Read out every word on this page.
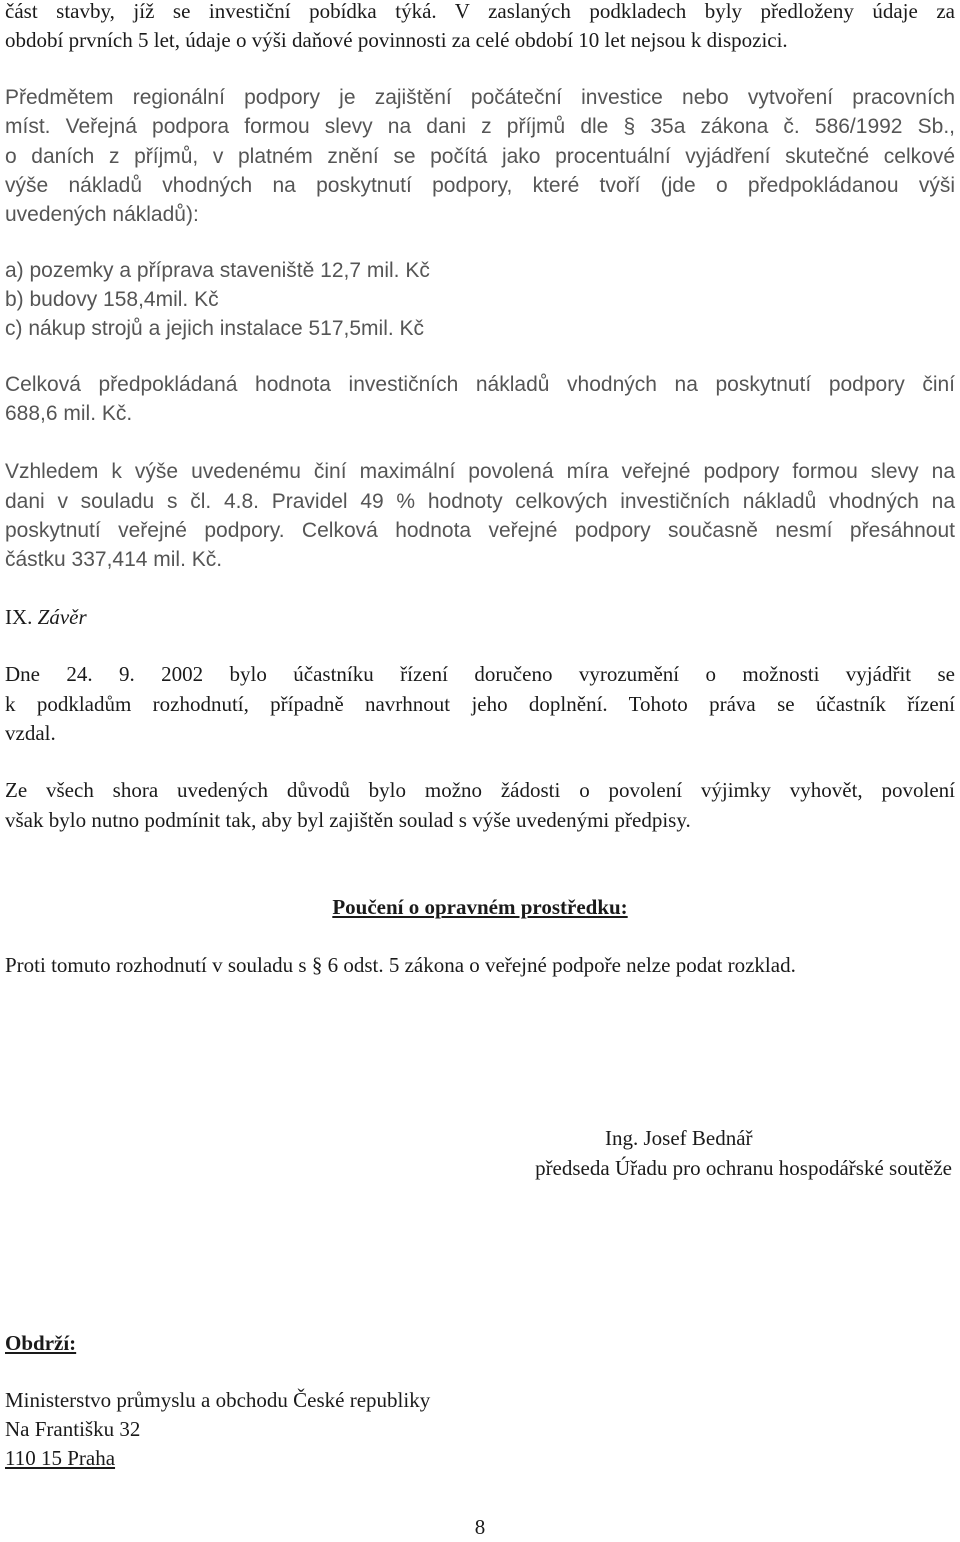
část stavby, jíž se investiční pobídka týká. V zaslaných podkladech byly předloženy údaje za
období prvních 5 let, údaje o výši daňové povinnosti za celé období 10 let nejsou k dispozici.
Předmětem regionální podpory je zajištění počáteční investice nebo vytvoření pracovních
míst. Veřejná podpora formou slevy na dani z příjmů dle § 35a zákona č. 586/1992 Sb.,
o daních z příjmů, v platném znění se počítá jako procentuální vyjádření skutečné celkové
výše nákladů vhodných na poskytnutí podpory, které tvoří (jde o předpokládanou výši
uvedených nákladů):
a) pozemky a příprava staveniště 12,7 mil. Kč
b) budovy 158,4mil. Kč
c) nákup strojů a jejich instalace 517,5mil. Kč
Celková předpokládaná hodnota investičních nákladů vhodných na poskytnutí podpory činí
688,6 mil. Kč.
Vzhledem k výše uvedenému činí maximální povolená míra veřejné podpory formou slevy na
dani v souladu s čl. 4.8. Pravidel 49 % hodnoty celkových investičních nákladů vhodných na
poskytnutí veřejné podpory. Celková hodnota veřejné podpory současně nesmí přesáhnout
částku 337,414 mil. Kč.
IX. Závěr
Dne 24. 9. 2002 bylo účastníku řízení doručeno vyrozumění o možnosti vyjádřit se
k podkladům rozhodnutí, případně navrhnout jeho doplnění. Tohoto práva se účastník řízení
vzdal.
Ze všech shora uvedených důvodů bylo možno žádosti o povolení výjimky vyhovět, povolení
však bylo nutno podmínit tak, aby byl zajištěn soulad s výše uvedenými předpisy.
Poučení o opravném prostředku:
Proti tomuto rozhodnutí v souladu s § 6 odst. 5 zákona o veřejné podpoře nelze podat rozklad.
Ing. Josef Bednář
předseda Úřadu pro ochranu hospodářské soutěže
Obdrží:
Ministerstvo průmyslu a obchodu České republiky
Na Františku 32
110 15 Praha
8
